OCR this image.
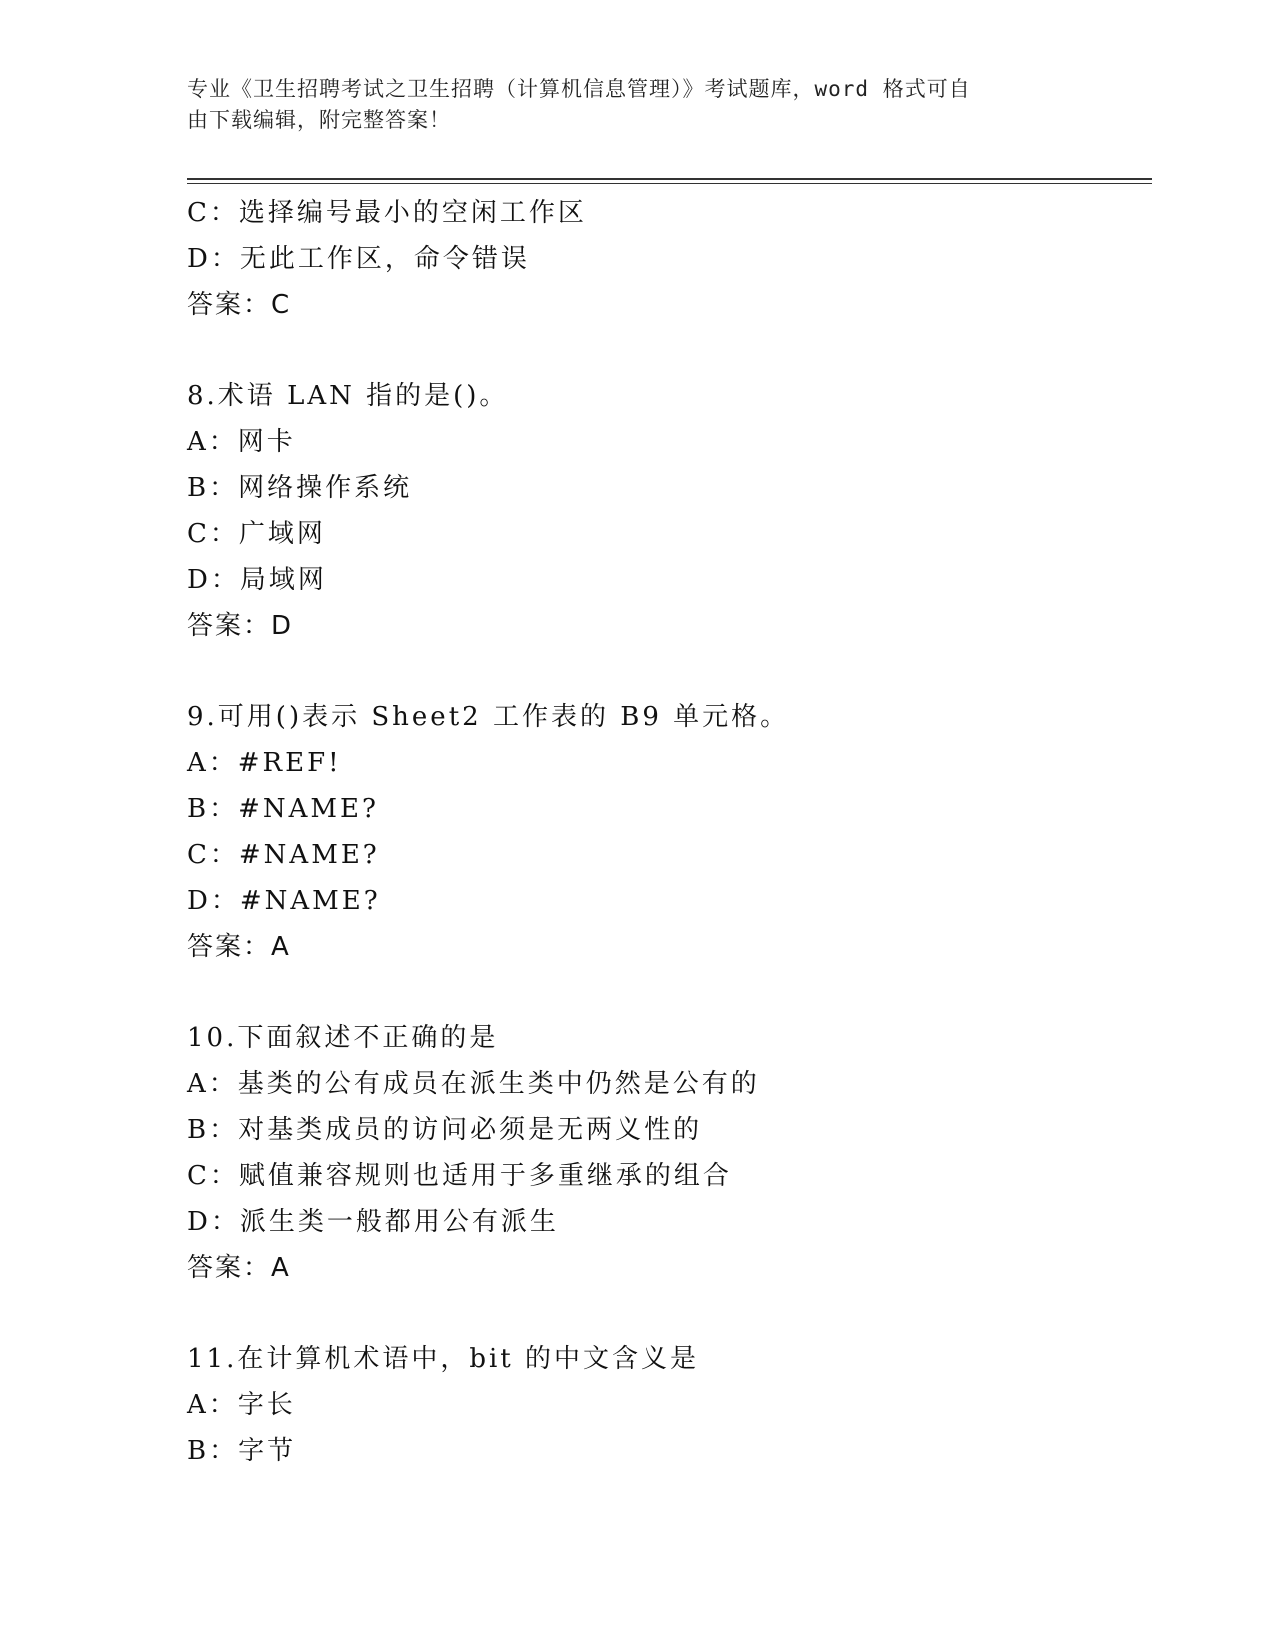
专业《卫生招聘考试之卫生招聘（计算机信息管理）》考试题库，word 格式可自
由下载编辑，附完整答案！
C：选择编号最小的空闲工作区
D：无此工作区，命令错误
答案：C
8.术语 LAN 指的是()。
A：网卡
B：网络操作系统
C：广域网
D：局域网
答案：D
9.可用()表示 Sheet2 工作表的 B9 单元格。
A：#REF!
B：#NAME?
C：#NAME?
D：#NAME?
答案：A
10.下面叙述不正确的是
A：基类的公有成员在派生类中仍然是公有的
B：对基类成员的访问必须是无两义性的
C：赋值兼容规则也适用于多重继承的组合
D：派生类一般都用公有派生
答案：A
11.在计算机术语中，bit 的中文含义是
A：字长
B：字节
